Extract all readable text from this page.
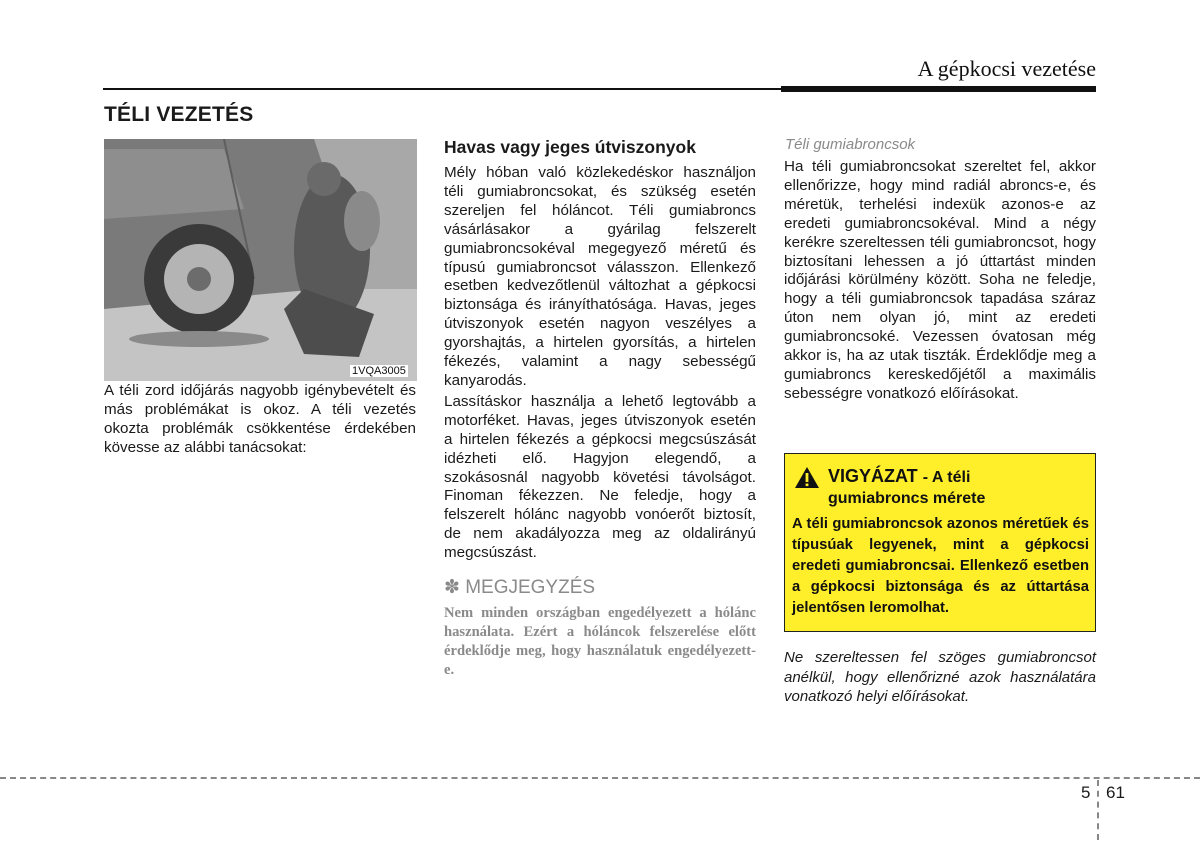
A gépkocsi vezetése
TÉLI VEZETÉS
1VQA3005
A téli zord időjárás nagyobb igénybevételt és más problémákat is okoz. A téli vezetés okozta problémák csökkentése érdekében kövesse az alábbi tanácsokat:
Havas vagy jeges útviszonyok
Mély hóban való közlekedéskor használjon téli gumiabroncsokat, és szükség esetén szereljen fel hóláncot. Téli gumiabroncs vásárlásakor a gyárilag felszerelt gumiabroncsokéval megegyező méretű és típusú gumiabroncsot válasszon. Ellenkező esetben kedvezőtlenül változhat a gépkocsi biztonsága és irányíthatósága. Havas, jeges útviszonyok esetén nagyon veszélyes a gyorshajtás, a hirtelen gyorsítás, a hirtelen fékezés, valamint a nagy sebességű kanyarodás.
Lassításkor használja a lehető legtovább a motorféket. Havas, jeges útviszonyok esetén a hirtelen fékezés a gépkocsi megcsúszását idézheti elő. Hagyjon elegendő, a szokásosnál nagyobb követési távolságot. Finoman fékezzen. Ne feledje, hogy a felszerelt hólánc nagyobb vonóerőt biztosít, de nem akadályozza meg az oldalirányú megcsúszást.
✽ MEGJEGYZÉS
Nem minden országban engedélyezett a hólánc használata. Ezért a hóláncok felszerelése előtt érdeklődje meg, hogy használatuk engedélyezett-e.
Téli gumiabroncsok
Ha téli gumiabroncsokat szereltet fel, akkor ellenőrizze, hogy mind radiál abroncs-e, és méretük, terhelési indexük azonos-e az eredeti gumiabroncsokéval. Mind a négy kerékre szereltessen téli gumiabroncsot, hogy biztosítani lehessen a jó úttartást minden időjárási körülmény között. Soha ne feledje, hogy a téli gumiabroncsok tapadása száraz úton nem olyan jó, mint az eredeti gumiabroncsoké. Vezessen óvatosan még akkor is, ha az utak tiszták. Érdeklődje meg a gumiabroncs kereskedőjétől a maximális sebességre vonatkozó előírásokat.
VIGYÁZAT - A téli
gumiabroncs mérete
A téli gumiabroncsok azonos méretűek és típusúak legyenek, mint a gépkocsi eredeti gumiabroncsai. Ellenkező esetben a gépkocsi biztonsága és az úttartása jelentősen leromolhat.
Ne szereltessen fel szöges gumiabroncsot anélkül, hogy ellenőrizné azok használatára vonatkozó helyi előírásokat.
5 61
